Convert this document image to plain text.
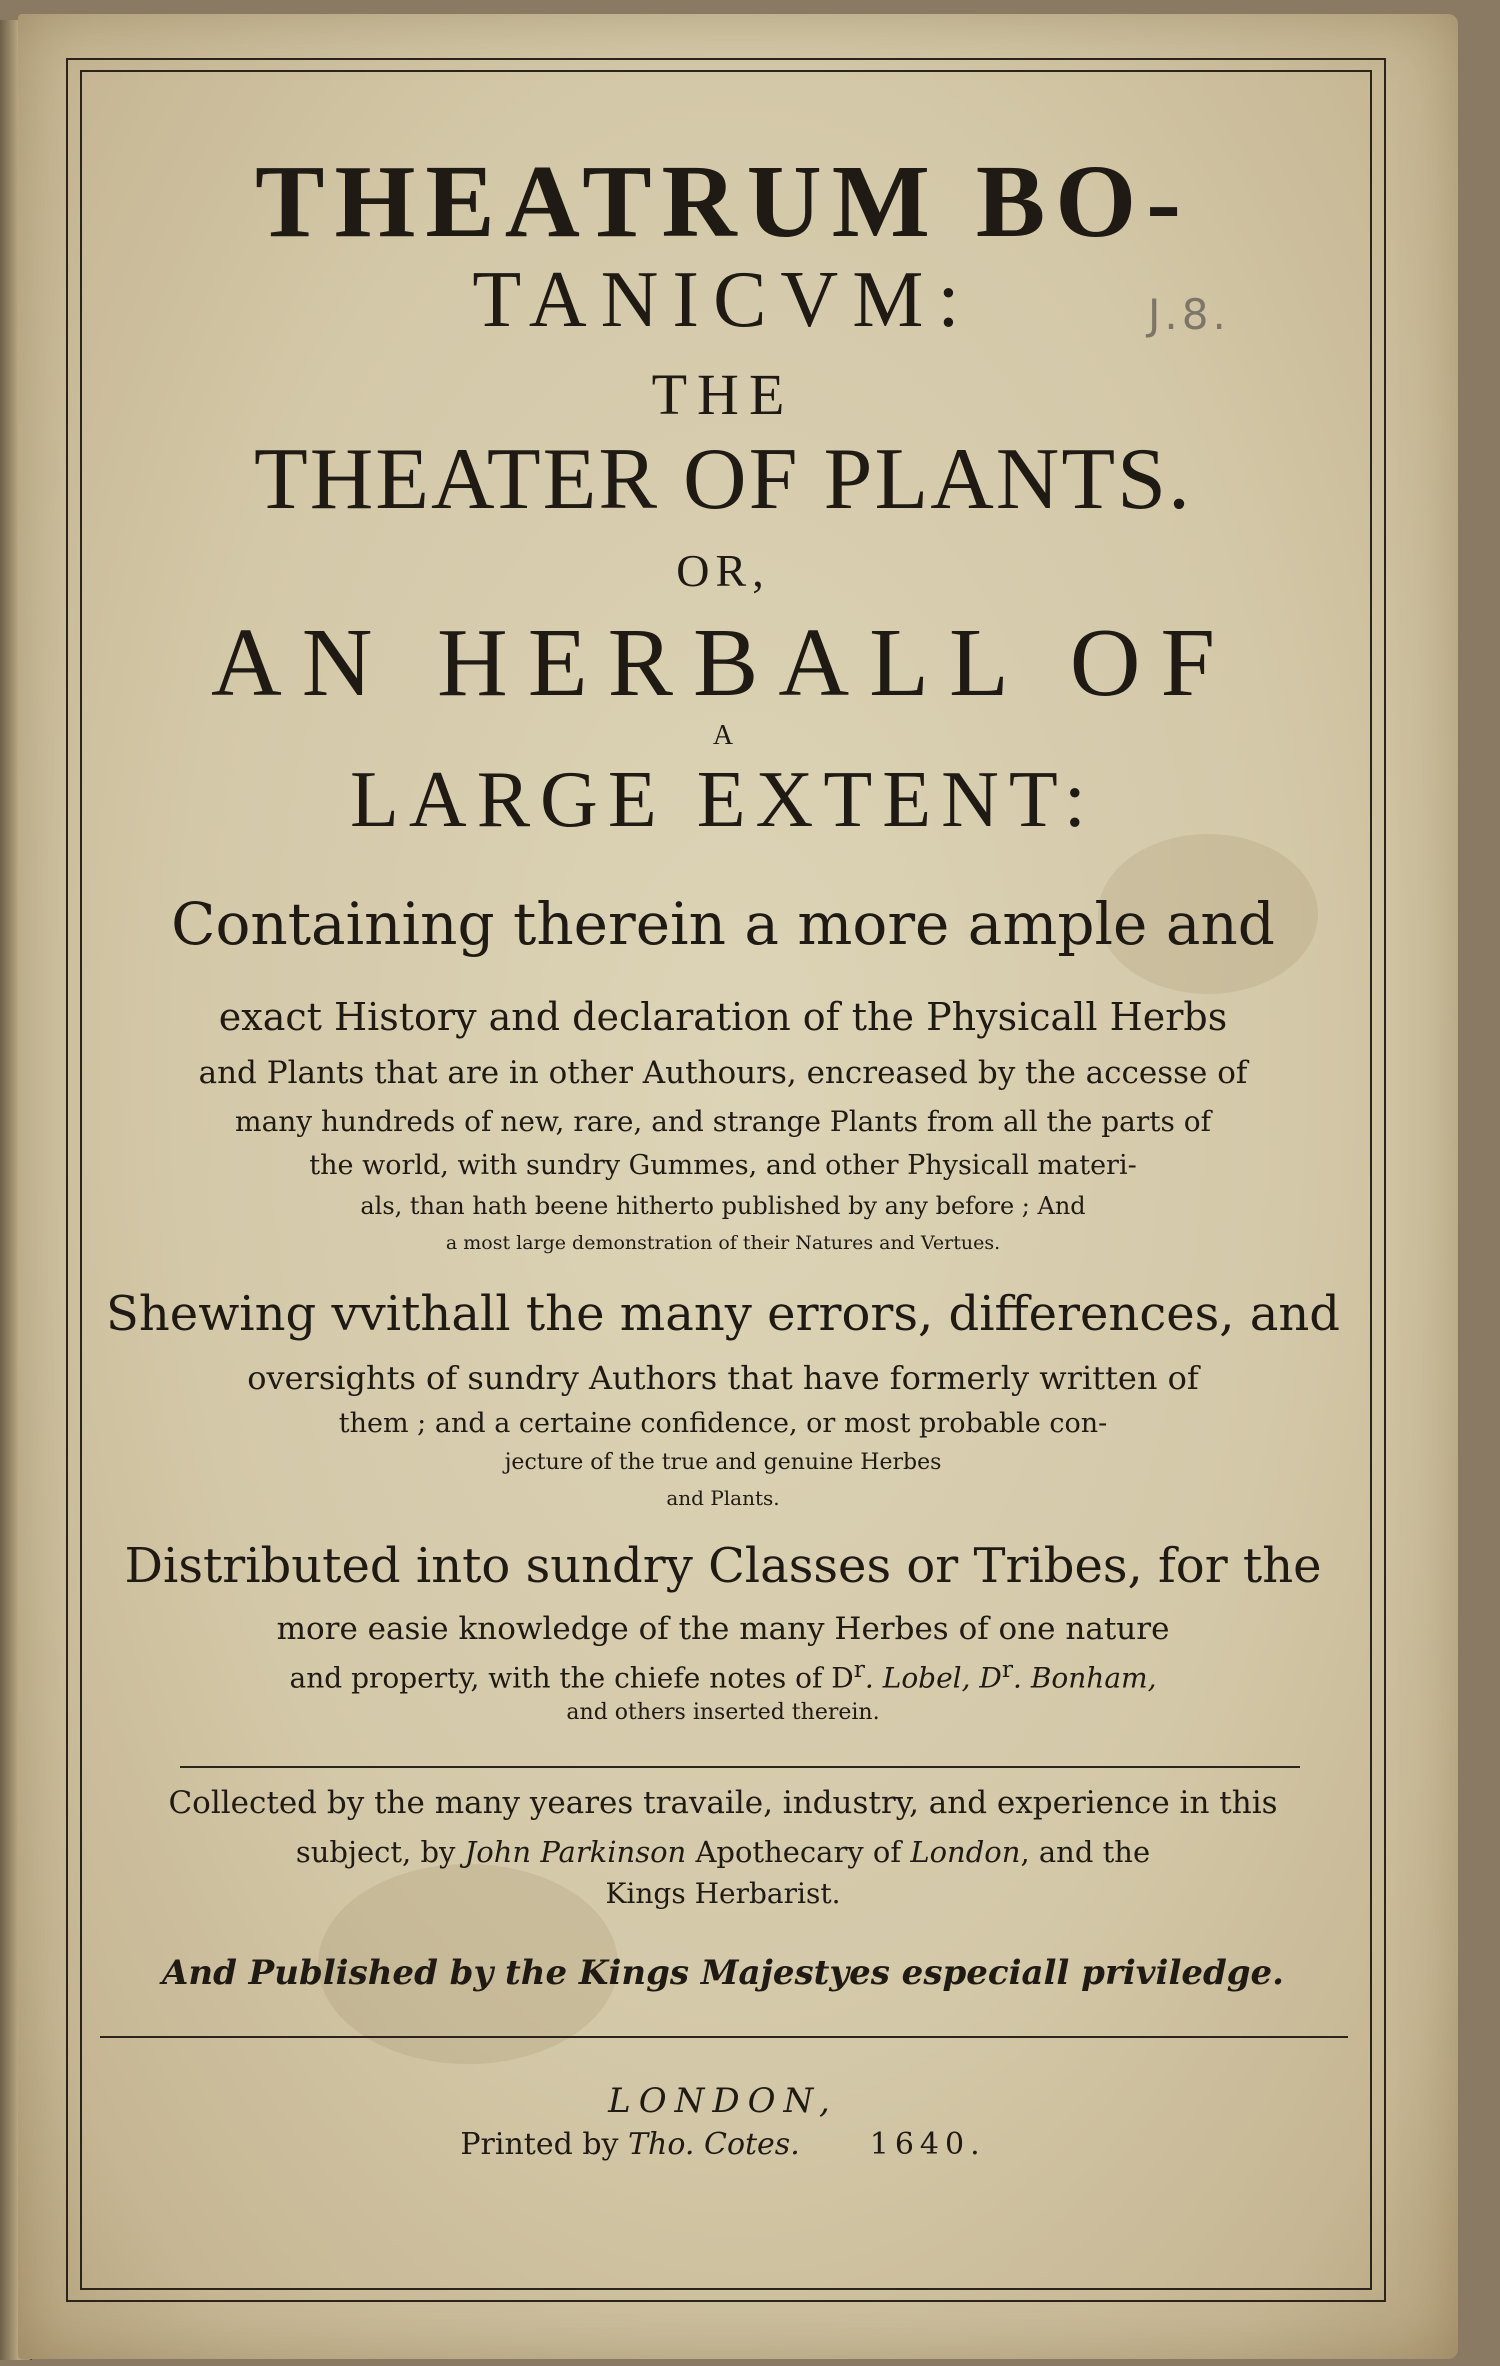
J.8.
THEATRUM BO-
TANICVM:
THE
THEATER OF PLANTS.
OR,
AN HERBALL OF
A
LARGE EXTENT:
Containing therein a more ample and
exact History and declaration of the Physicall Herbs
and Plants that are in other Authours, encreased by the accesse of
many hundreds of new, rare, and strange Plants from all the parts of
the world, with sundry Gummes, and other Physicall materi-
als, than hath beene hitherto published by any before ; And
a most large demonstration of their Natures and Vertues.
Shewing vvithall the many errors, differences, and
oversights of sundry Authors that have formerly written of
them ; and a certaine confidence, or most probable con-
jecture of the true and genuine Herbes
and Plants.
Distributed into sundry Classes or Tribes, for the
more easie knowledge of the many Herbes of one nature
and property, with the chiefe notes of $D^r$. Lobel, $D^r$. Bonham,
and others inserted therein.
Collected by the many yeares travaile, industry, and experience in this
subject, by John Parkinson Apothecary of London, and the
Kings Herbarist.
And Published by the Kings Majestyes especiall priviledge.
LONDON,
Printed by Tho. Cotes. 1640.
